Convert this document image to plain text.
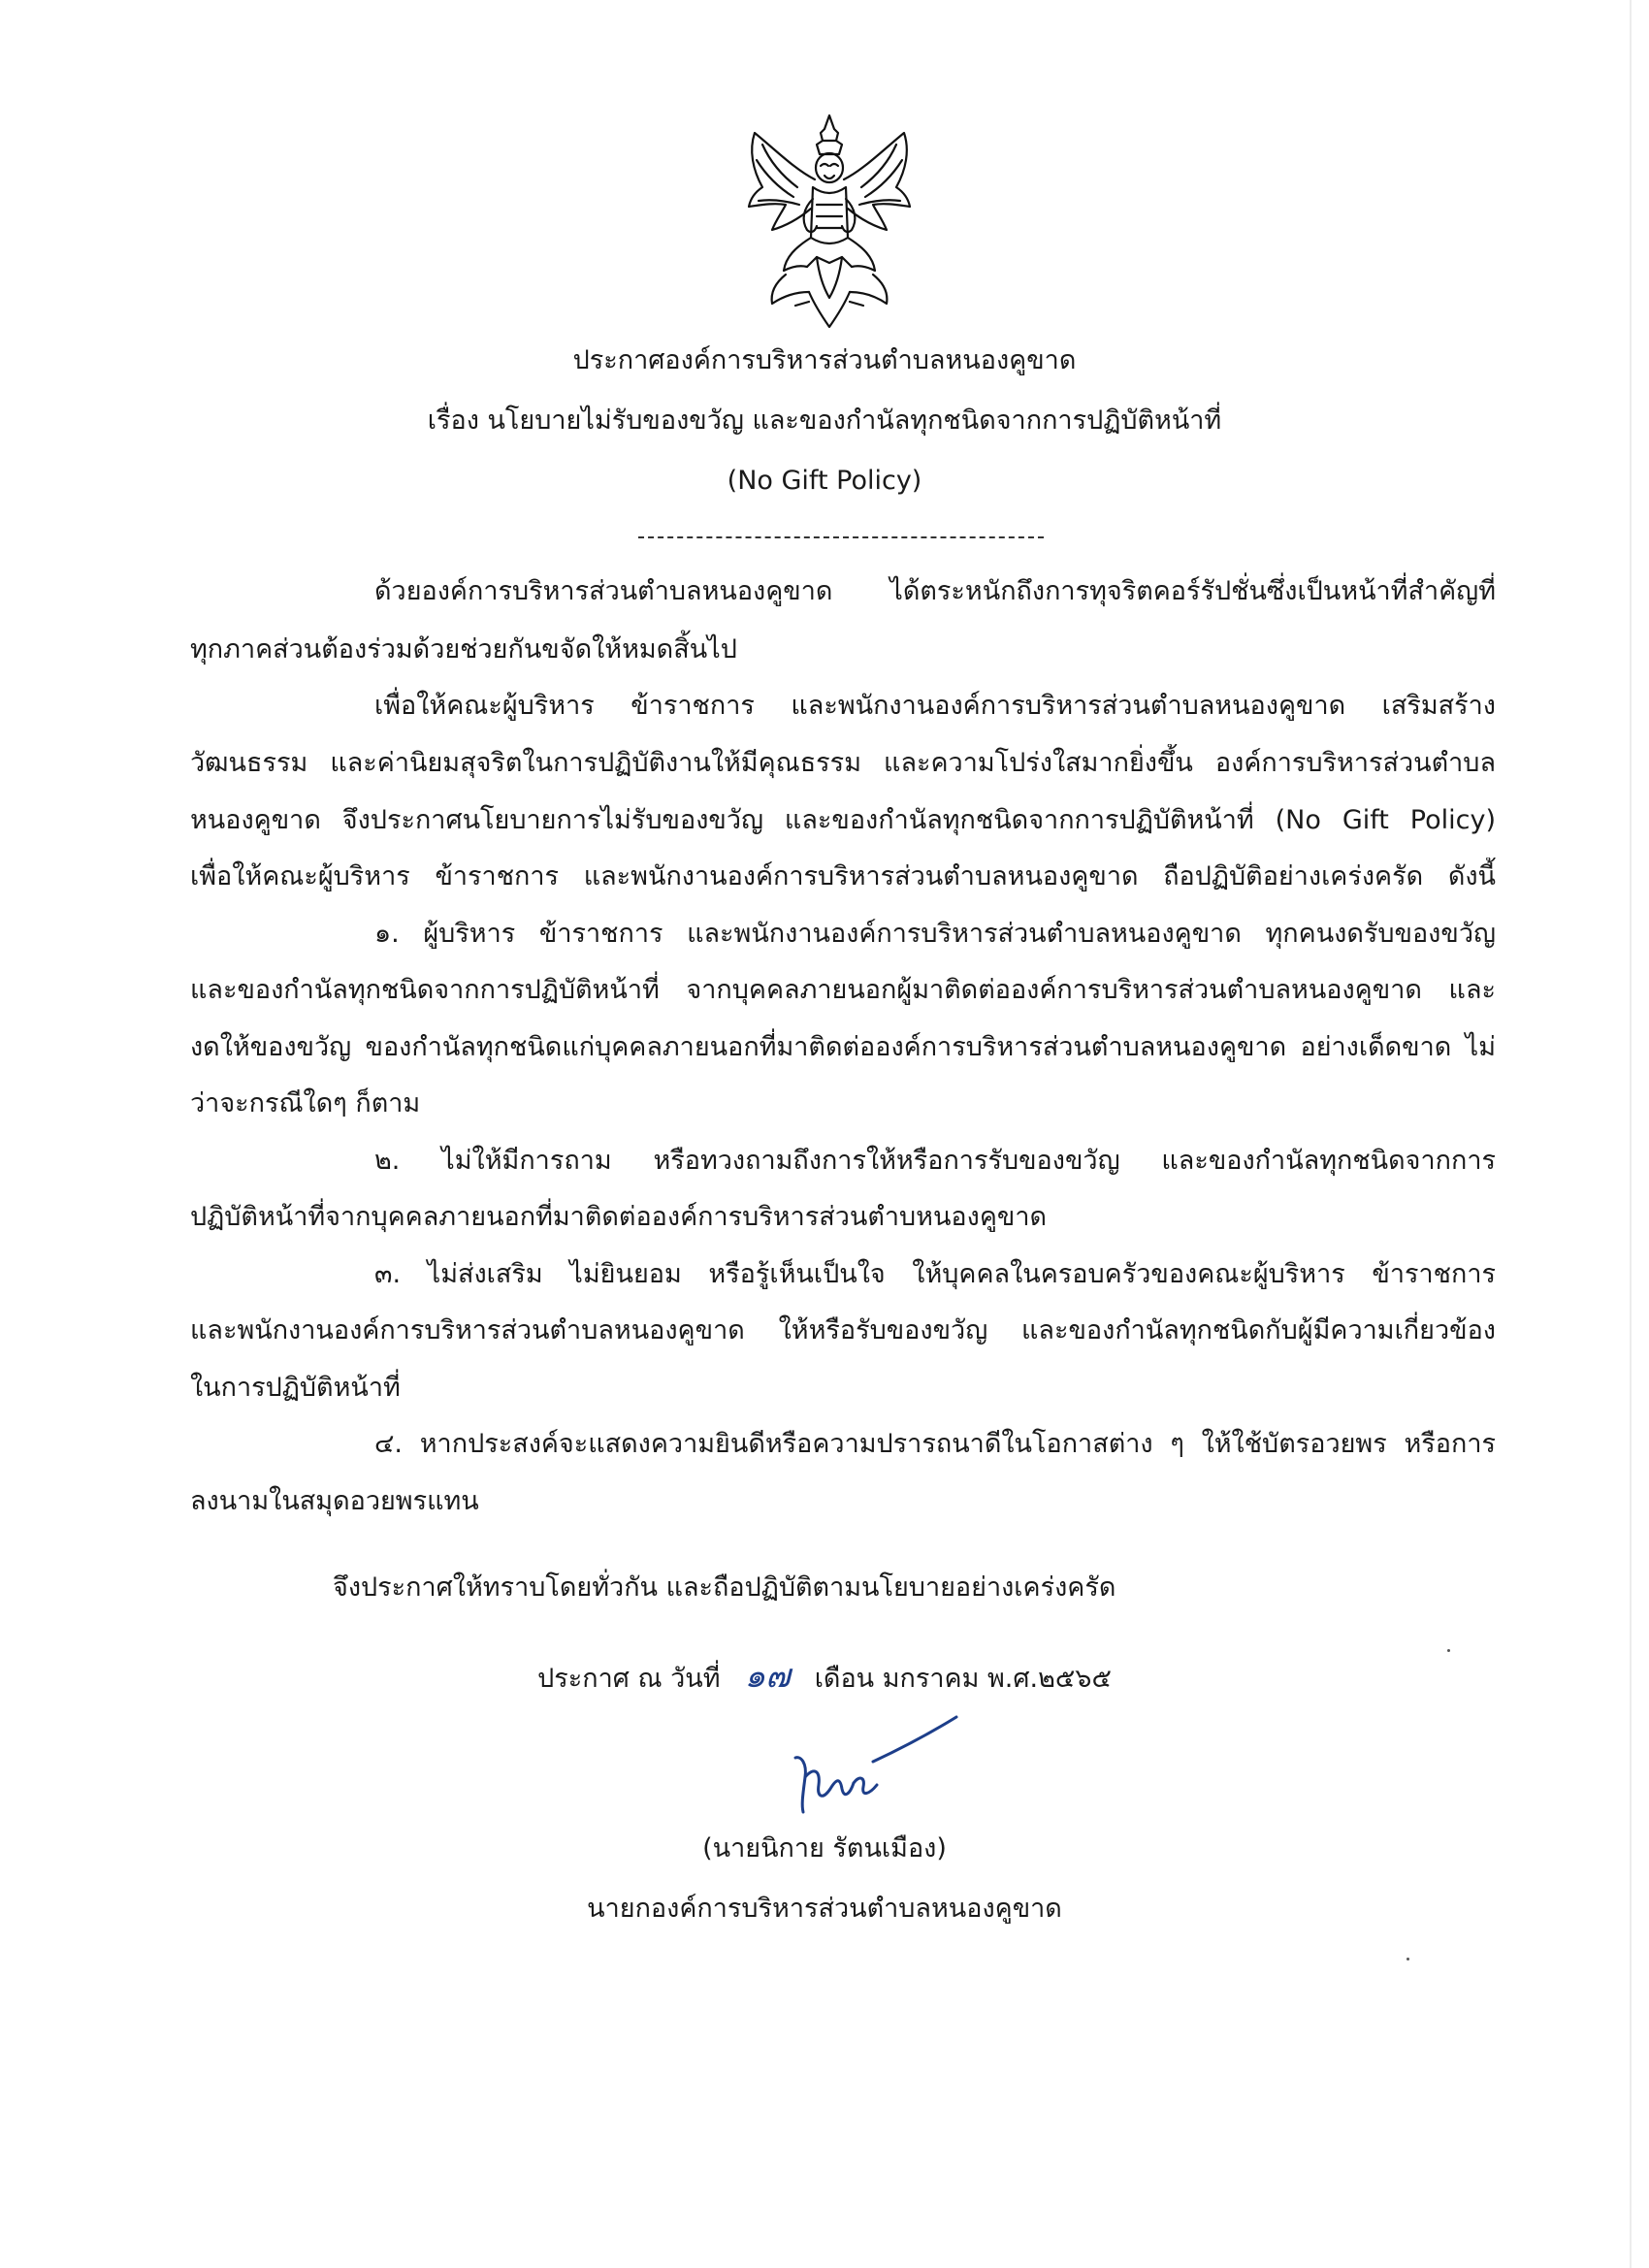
ประกาศองค์การบริหารส่วนตำบลหนองคูขาด
เรื่อง นโยบายไม่รับของขวัญ และของกำนัลทุกชนิดจากการปฏิบัติหน้าที่
(No Gift Policy)
ด้วยองค์การบริหารส่วนตำบลหนองคูขาด ได้ตระหนักถึงการทุจริตคอร์รัปชั่นซึ่งเป็นหน้าที่สำคัญที่
ทุกภาคส่วนต้องร่วมด้วยช่วยกันขจัดให้หมดสิ้นไป
เพื่อให้คณะผู้บริหาร ข้าราชการ และพนักงานองค์การบริหารส่วนตำบลหนองคูขาด เสริมสร้าง
วัฒนธรรม และค่านิยมสุจริตในการปฏิบัติงานให้มีคุณธรรม และความโปร่งใสมากยิ่งขึ้น องค์การบริหารส่วนตำบล
หนองคูขาด จึงประกาศนโยบายการไม่รับของขวัญ และของกำนัลทุกชนิดจากการปฏิบัติหน้าที่ (No Gift Policy)
เพื่อให้คณะผู้บริหาร ข้าราชการ และพนักงานองค์การบริหารส่วนตำบลหนองคูขาด ถือปฏิบัติอย่างเคร่งครัด ดังนี้
๑. ผู้บริหาร ข้าราชการ และพนักงานองค์การบริหารส่วนตำบลหนองคูขาด ทุกคนงดรับของขวัญ
และของกำนัลทุกชนิดจากการปฏิบัติหน้าที่ จากบุคคลภายนอกผู้มาติดต่อองค์การบริหารส่วนตำบลหนองคูขาด และ
งดให้ของขวัญ ของกำนัลทุกชนิดแก่บุคคลภายนอกที่มาติดต่อองค์การบริหารส่วนตำบลหนองคูขาด อย่างเด็ดขาด ไม่
ว่าจะกรณีใดๆ ก็ตาม
๒. ไม่ให้มีการถาม หรือทวงถามถึงการให้หรือการรับของขวัญ และของกำนัลทุกชนิดจากการ
ปฏิบัติหน้าที่จากบุคคลภายนอกที่มาติดต่อองค์การบริหารส่วนตำบหนองคูขาด
๓. ไม่ส่งเสริม ไม่ยินยอม หรือรู้เห็นเป็นใจ ให้บุคคลในครอบครัวของคณะผู้บริหาร ข้าราชการ
และพนักงานองค์การบริหารส่วนตำบลหนองคูขาด ให้หรือรับของขวัญ และของกำนัลทุกชนิดกับผู้มีความเกี่ยวข้อง
ในการปฏิบัติหน้าที่
๔. หากประสงค์จะแสดงความยินดีหรือความปรารถนาดีในโอกาสต่าง ๆ ให้ใช้บัตรอวยพร หรือการ
ลงนามในสมุดอวยพรแทน
จึงประกาศให้ทราบโดยทั่วกัน และถือปฏิบัติตามนโยบายอย่างเคร่งครัด
ประกาศ ณ วันที่ ๑๗ เดือน มกราคม พ.ศ.๒๕๖๕
(นายนิกาย รัตนเมือง)
นายกองค์การบริหารส่วนตำบลหนองคูขาด
